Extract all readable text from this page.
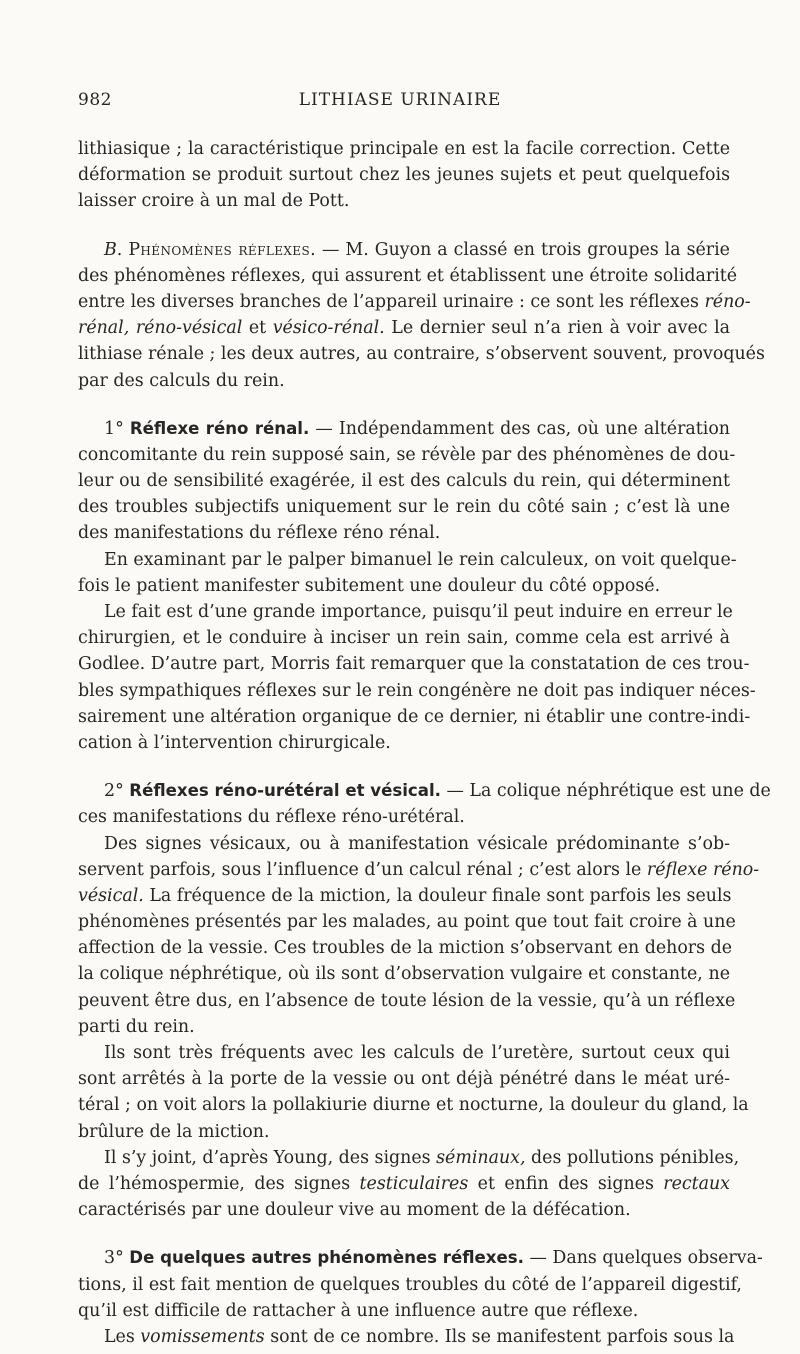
982	LITHIASE URINAIRE
lithiasique ; la caractéristique principale en est la facile correction. Cette
déformation se produit surtout chez les jeunes sujets et peut quelquefois
laisser croire à un mal de Pott.
B. Phénomènes réflexes. — M. Guyon a classé en trois groupes la série
des phénomènes réflexes, qui assurent et établissent une étroite solidarité
entre les diverses branches de l’appareil urinaire : ce sont les réflexes réno-
rénal, réno-vésical et vésico-rénal. Le dernier seul n’a rien à voir avec la
lithiase rénale ; les deux autres, au contraire, s’observent souvent, provoqués
par des calculs du rein.
1° Réflexe réno rénal. — Indépendamment des cas, où une altération
concomitante du rein supposé sain, se révèle par des phénomènes de dou-
leur ou de sensibilité exagérée, il est des calculs du rein, qui déterminent
des troubles subjectifs uniquement sur le rein du côté sain ; c’est là une
des manifestations du réflexe réno rénal.
En examinant par le palper bimanuel le rein calculeux, on voit quelque-
fois le patient manifester subitement une douleur du côté opposé.
Le fait est d’une grande importance, puisqu’il peut induire en erreur le
chirurgien, et le conduire à inciser un rein sain, comme cela est arrivé à
Godlee. D’autre part, Morris fait remarquer que la constatation de ces trou-
bles sympathiques réflexes sur le rein congénère ne doit pas indiquer néces-
sairement une altération organique de ce dernier, ni établir une contre-indi-
cation à l’intervention chirurgicale.
2° Réflexes réno-urétéral et vésical. — La colique néphrétique est une de
ces manifestations du réflexe réno-urétéral.
Des signes vésicaux, ou à manifestation vésicale prédominante s’ob-
servent parfois, sous l’influence d’un calcul rénal ; c’est alors le réflexe réno-
vésical. La fréquence de la miction, la douleur finale sont parfois les seuls
phénomènes présentés par les malades, au point que tout fait croire à une
affection de la vessie. Ces troubles de la miction s’observant en dehors de
la colique néphrétique, où ils sont d’observation vulgaire et constante, ne
peuvent être dus, en l’absence de toute lésion de la vessie, qu’à un réflexe
parti du rein.
Ils sont très fréquents avec les calculs de l’uretère, surtout ceux qui
sont arrêtés à la porte de la vessie ou ont déjà pénétré dans le méat uré-
téral ; on voit alors la pollakiurie diurne et nocturne, la douleur du gland, la
brûlure de la miction.
Il s’y joint, d’après Young, des signes séminaux, des pollutions pénibles,
de l’hémospermie, des signes testiculaires et enfin des signes rectaux
caractérisés par une douleur vive au moment de la défécation.
3° De quelques autres phénomènes réflexes. — Dans quelques observa-
tions, il est fait mention de quelques troubles du côté de l’appareil digestif,
qu’il est difficile de rattacher à une influence autre que réflexe.
Les vomissements sont de ce nombre. Ils se manifestent parfois sous la
